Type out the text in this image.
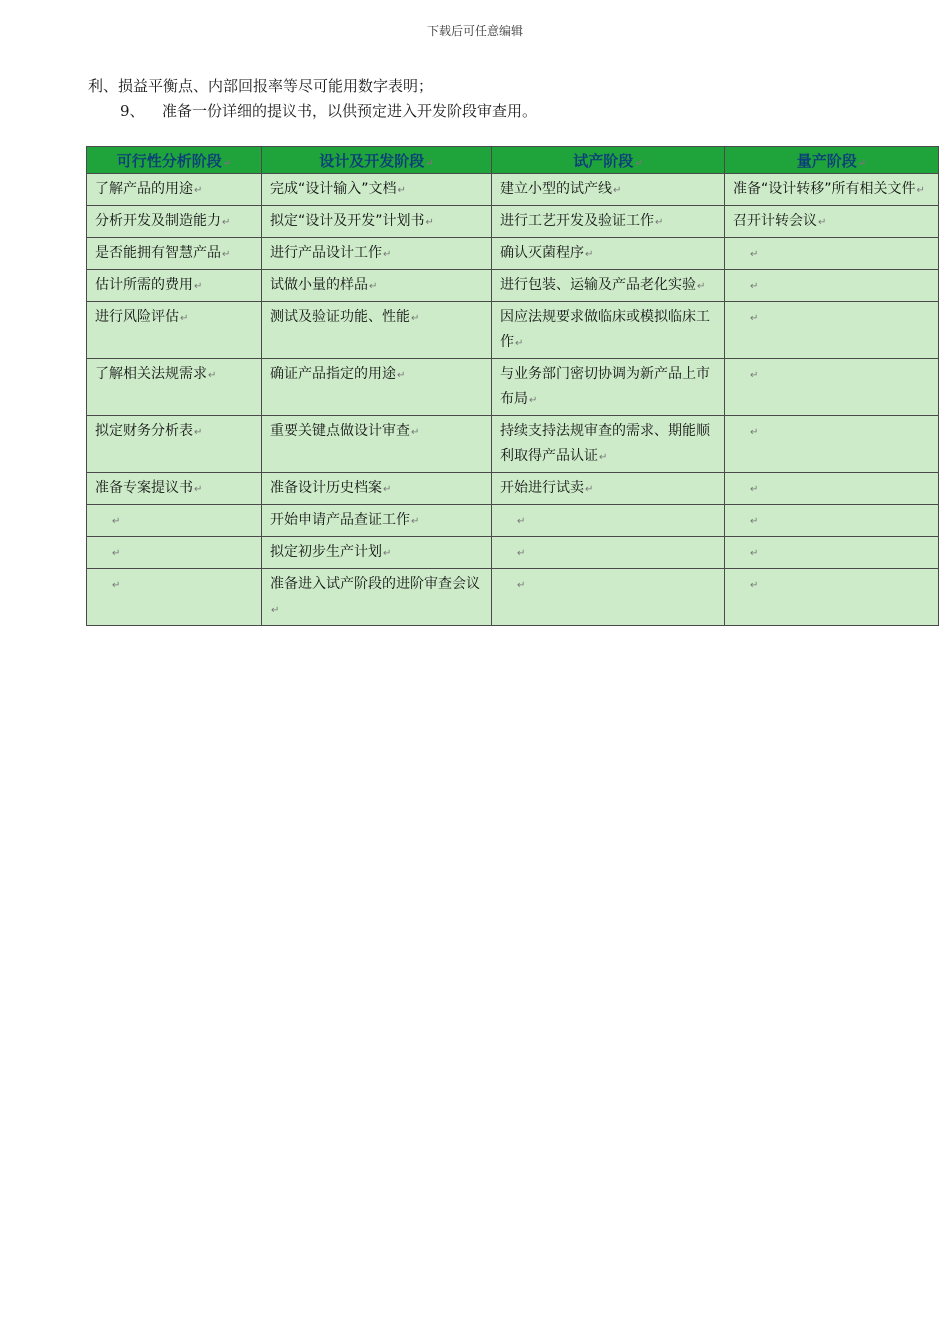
下载后可任意编辑
利、损益平衡点、内部回报率等尽可能用数字表明；
9、 准备一份详细的提议书，以供预定进入开发阶段审查用。
可行性分析阶段↵	设计及开发阶段↵	试产阶段↵	量产阶段↵
了解产品的用途↵	完成“设计输入”文档↵	建立小型的试产线↵	准备“设计转移”所有相关文件↵
分析开发及制造能力↵	拟定“设计及开发”计划书↵	进行工艺开发及验证工作↵	召开计转会议↵
是否能拥有智慧产品↵	进行产品设计工作↵	确认灭菌程序↵	↵
估计所需的费用↵	试做小量的样品↵	进行包装、运输及产品老化实验↵	↵
进行风险评估↵	测试及验证功能、性能↵	因应法规要求做临床或模拟临床工作↵	↵
了解相关法规需求↵	确证产品指定的用途↵	与业务部门密切协调为新产品上市布局↵	↵
拟定财务分析表↵	重要关键点做设计审查↵	持续支持法规审查的需求、期能顺利取得产品认证↵	↵
准备专案提议书↵	准备设计历史档案↵	开始进行试卖↵	↵
↵	开始申请产品查证工作↵	↵	↵
↵	拟定初步生产计划↵	↵	↵
↵	准备进入试产阶段的进阶审查会议↵	↵	↵
